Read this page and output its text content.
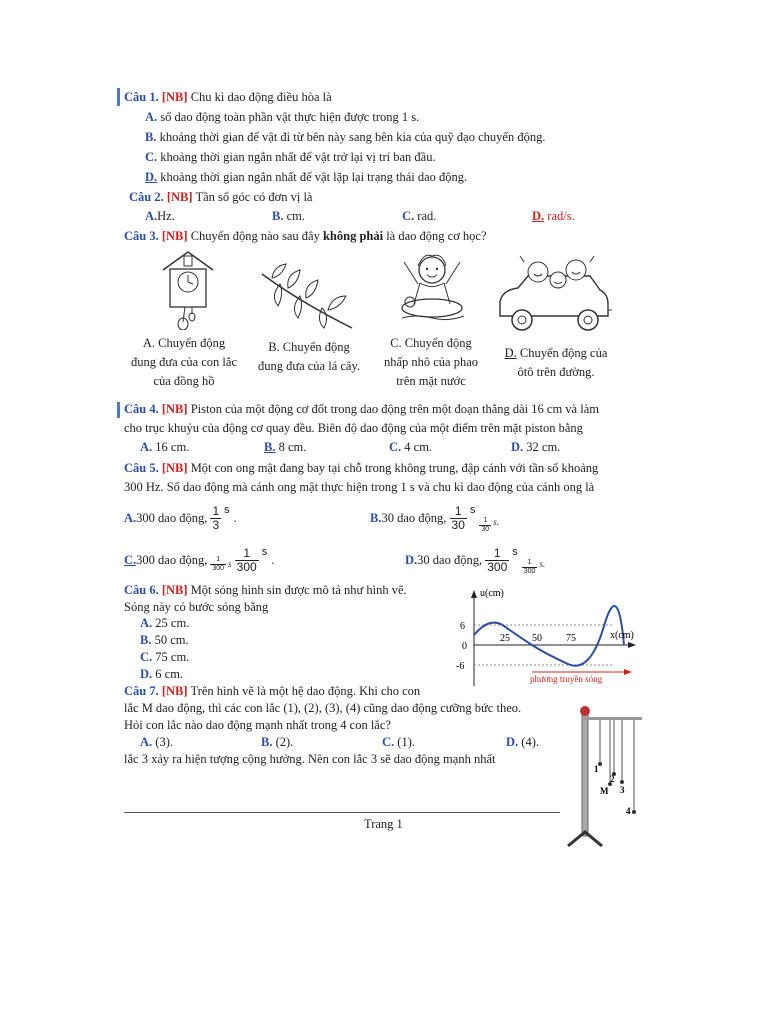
Câu 1. [NB] Chu kì dao động điều hòa là
A. số dao động toàn phần vật thực hiện được trong 1 s.
B. khoảng thời gian để vật đi từ bên này sang bên kia của quỹ đạo chuyển động.
C. khoảng thời gian ngắn nhất để vật trở lại vị trí ban đầu.
D. khoảng thời gian ngắn nhất để vật lặp lại trạng thái dao động.
Câu 2. [NB] Tần số góc có đơn vị là
A.Hz.	B. cm.	C. rad.	D. rad/s.
Câu 3. [NB] Chuyển động nào sau đây không phải là dao động cơ học?
A. Chuyển động
đung đưa của con lắc
của đồng hồ
B. Chuyển động
đung đưa của lá cây.
C. Chuyển động
nhấp nhô của phao
trên mặt nước
D. Chuyển động của
ôtô trên đường.
Câu 4. [NB] Piston của một động cơ đốt trong dao động trên một đoạn thẳng dài 16 cm và làm
cho trục khuỷu của động cơ quay đều. Biên độ dao động của một điểm trên mặt piston bằng
A. 16 cm.	B. 8 cm.	C. 4 cm.	D. 32 cm.
Câu 5. [NB] Một con ong mật đang bay tại chỗ trong không trung, đập cánh với tần số khoảng
300 Hz. Số dao động mà cánh ong mật thực hiện trong 1 s và chu kì dao động của cánh ong là
A. 300 dao động,
$\frac{1}{3}$ s
.	B. 30 dao động,
$\frac{1}{30}$ s
$\frac{1}{30} s$.
C. 300 dao động, $\frac{1}{300}$ s
$\frac{1}{300}$ s
.	D. 30 dao động,
$\frac{1}{300}$ s
$\frac{1}{300} s$.
Câu 6. [NB] Một sóng hình sin được mô tả như hình vẽ.
Sóng này có bước sóng bằng
A. 25 cm.
B. 50 cm.
C. 75 cm.
D. 6 cm.
u(cm)
x(cm)
6
0
-6
25 50 75
phương truyền sóng
Câu 7. [NB] Trên hình vẽ là một hệ dao động. Khi cho con
lắc M dao động, thì các con lắc (1), (2), (3), (4) cũng dao động cưỡng bức theo.
Hỏi con lắc nào dao động mạnh nhất trong 4 con lắc?
A. (3).	B. (2).	C. (1).	D. (4).
lắc 3 xảy ra hiện tượng cộng hưởng. Nên con lắc 3 sẽ dao động mạnh nhất
1
2
M 3
4
Trang 1
